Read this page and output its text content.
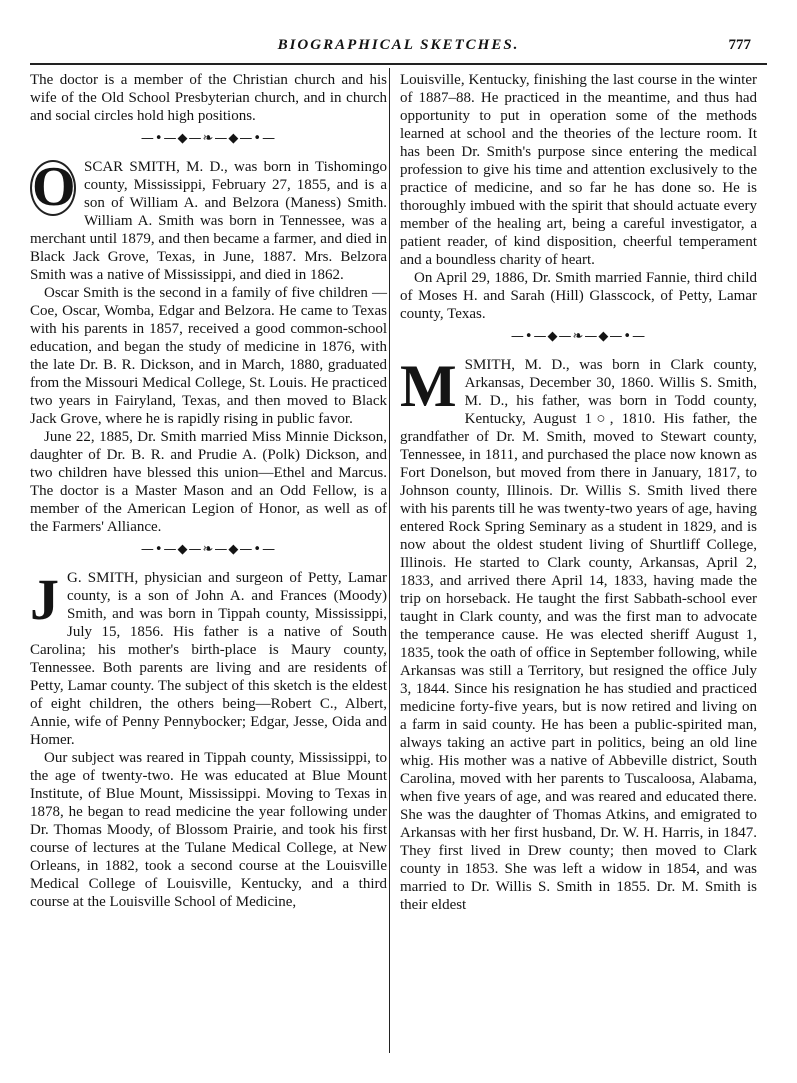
BIOGRAPHICAL SKETCHES.	777

The doctor is a member of the Christian church and his wife of the Old School Presbyterian church, and in church and social circles hold high positions.

—•—◆—❧—◆—•—

O SCAR SMITH, M. D., was born in Tishomingo county, Mississippi, February 27, 1855, and is a son of William A. and Belzora (Maness) Smith. William A. Smith was born in Tennessee, was a merchant until 1879, and then became a farmer, and died in Black Jack Grove, Texas, in June, 1887. Mrs. Belzora Smith was a native of Mississippi, and died in 1862.

Oscar Smith is the second in a family of five children — Coe, Oscar, Womba, Edgar and Belzora. He came to Texas with his parents in 1857, received a good common-school education, and began the study of medicine in 1876, with the late Dr. B. R. Dickson, and in March, 1880, graduated from the Missouri Medical College, St. Louis. He practiced two years in Fairyland, Texas, and then moved to Black Jack Grove, where he is rapidly rising in public favor.

June 22, 1885, Dr. Smith married Miss Minnie Dickson, daughter of Dr. B. R. and Prudie A. (Polk) Dickson, and two children have blessed this union—Ethel and Marcus. The doctor is a Master Mason and an Odd Fellow, is a member of the American Legion of Honor, as well as of the Farmers' Alliance.

—•—◆—❧—◆—•—

J G. SMITH, physician and surgeon of Petty, Lamar county, is a son of John A. and Frances (Moody) Smith, and was born in Tippah county, Mississippi, July 15, 1856. His father is a native of South Carolina; his mother's birth-place is Maury county, Tennessee. Both parents are living and are residents of Petty, Lamar county. The subject of this sketch is the eldest of eight children, the others being—Robert C., Albert, Annie, wife of Penny Pennybocker; Edgar, Jesse, Oida and Homer.

Our subject was reared in Tippah county, Mississippi, to the age of twenty-two. He was educated at Blue Mount Institute, of Blue Mount, Mississippi. Moving to Texas in 1878, he began to read medicine the year following under Dr. Thomas Moody, of Blossom Prairie, and took his first course of lectures at the Tulane Medical College, at New Orleans, in 1882, took a second course at the Louisville Medical College of Louisville, Kentucky, and a third course at the Louisville School of Medicine,

Louisville, Kentucky, finishing the last course in the winter of 1887–88. He practiced in the meantime, and thus had opportunity to put in operation some of the methods learned at school and the theories of the lecture room. It has been Dr. Smith's purpose since entering the medical profession to give his time and attention exclusively to the practice of medicine, and so far he has done so. He is thoroughly imbued with the spirit that should actuate every member of the healing art, being a careful investigator, a patient reader, of kind disposition, cheerful temperament and a boundless charity of heart.

On April 29, 1886, Dr. Smith married Fannie, third child of Moses H. and Sarah (Hill) Glasscock, of Petty, Lamar county, Texas.

—•—◆—❧—◆—•—

MSMITH, M. D., was born in Clark county, Arkansas, December 30, 1860. Willis S. Smith, M. D., his father, was born in Todd county, Kentucky, August 1○, 1810. His father, the grandfather of Dr. M. Smith, moved to Stewart county, Tennessee, in 1811, and purchased the place now known as Fort Donelson, but moved from there in January, 1817, to Johnson county, Illinois. Dr. Willis S. Smith lived there with his parents till he was twenty-two years of age, having entered Rock Spring Seminary as a student in 1829, and is now about the oldest student living of Shurtliff College, Illinois. He started to Clark county, Arkansas, April 2, 1833, and arrived there April 14, 1833, having made the trip on horseback. He taught the first Sabbath-school ever taught in Clark county, and was the first man to advocate the temperance cause. He was elected sheriff August 1, 1835, took the oath of office in September following, while Arkansas was still a Territory, but resigned the office July 3, 1844. Since his resignation he has studied and practiced medicine forty-five years, but is now retired and living on a farm in said county. He has been a public-spirited man, always taking an active part in politics, being an old line whig. His mother was a native of Abbeville district, South Carolina, moved with her parents to Tuscaloosa, Alabama, when five years of age, and was reared and educated there. She was the daughter of Thomas Atkins, and emigrated to Arkansas with her first husband, Dr. W. H. Harris, in 1847. They first lived in Drew county; then moved to Clark county in 1853. She was left a widow in 1854, and was married to Dr. Willis S. Smith in 1855. Dr. M. Smith is their eldest
